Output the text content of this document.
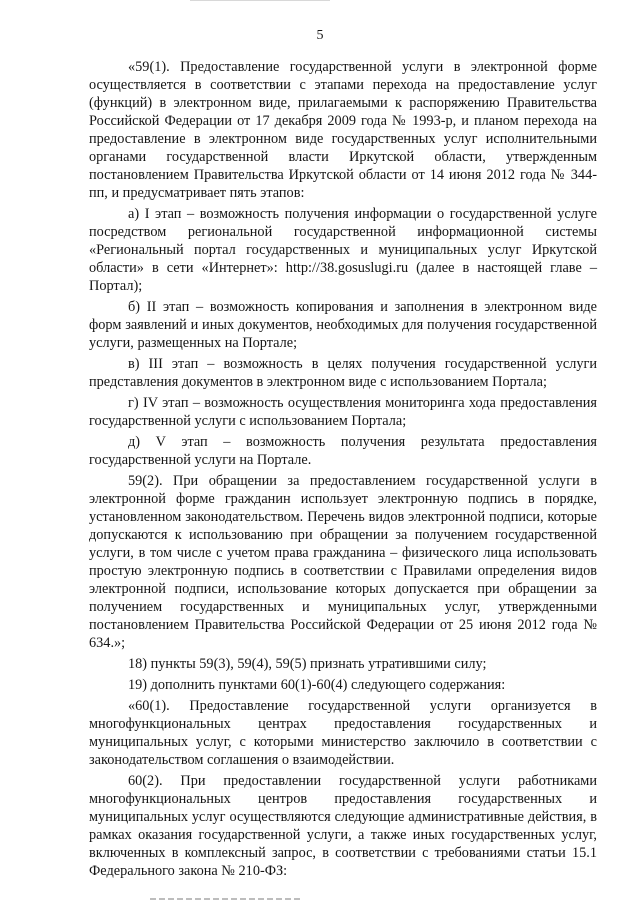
5

«59(1). Предоставление государственной услуги в электронной форме осуществляется в соответствии с этапами перехода на предоставление услуг (функций) в электронном виде, прилагаемыми к распоряжению Правительства Российской Федерации от 17 декабря 2009 года № 1993-р, и планом перехода на предоставление в электронном виде государственных услуг исполнительными органами государственной власти Иркутской области, утвержденным постановлением Правительства Иркутской области от 14 июня 2012 года № 344-пп, и предусматривает пять этапов:

а) I этап – возможность получения информации о государственной услуге посредством региональной государственной информационной системы «Региональный портал государственных и муниципальных услуг Иркутской области» в сети «Интернет»: http://38.gosuslugi.ru (далее в настоящей главе – Портал);

б) II этап – возможность копирования и заполнения в электронном виде форм заявлений и иных документов, необходимых для получения государственной услуги, размещенных на Портале;

в) III этап – возможность в целях получения государственной услуги представления документов в электронном виде с использованием Портала;

г) IV этап – возможность осуществления мониторинга хода предоставления государственной услуги с использованием Портала;

д) V этап – возможность получения результата предоставления государственной услуги на Портале.

59(2). При обращении за предоставлением государственной услуги в электронной форме гражданин использует электронную подпись в порядке, установленном законодательством. Перечень видов электронной подписи, которые допускаются к использованию при обращении за получением государственной услуги, в том числе с учетом права гражданина – физического лица использовать простую электронную подпись в соответствии с Правилами определения видов электронной подписи, использование которых допускается при обращении за получением государственных и муниципальных услуг, утвержденными постановлением Правительства Российской Федерации от 25 июня 2012 года № 634.»;

18) пункты 59(3), 59(4), 59(5) признать утратившими силу;

19) дополнить пунктами 60(1)-60(4) следующего содержания:

«60(1). Предоставление государственной услуги организуется в многофункциональных центрах предоставления государственных и муниципальных услуг, с которыми министерство заключило в соответствии с законодательством соглашения о взаимодействии.

60(2). При предоставлении государственной услуги работниками многофункциональных центров предоставления государственных и муниципальных услуг осуществляются следующие административные действия, в рамках оказания государственной услуги, а также иных государственных услуг, включенных в комплексный запрос, в соответствии с требованиями статьи 15.1 Федерального закона № 210-ФЗ:
